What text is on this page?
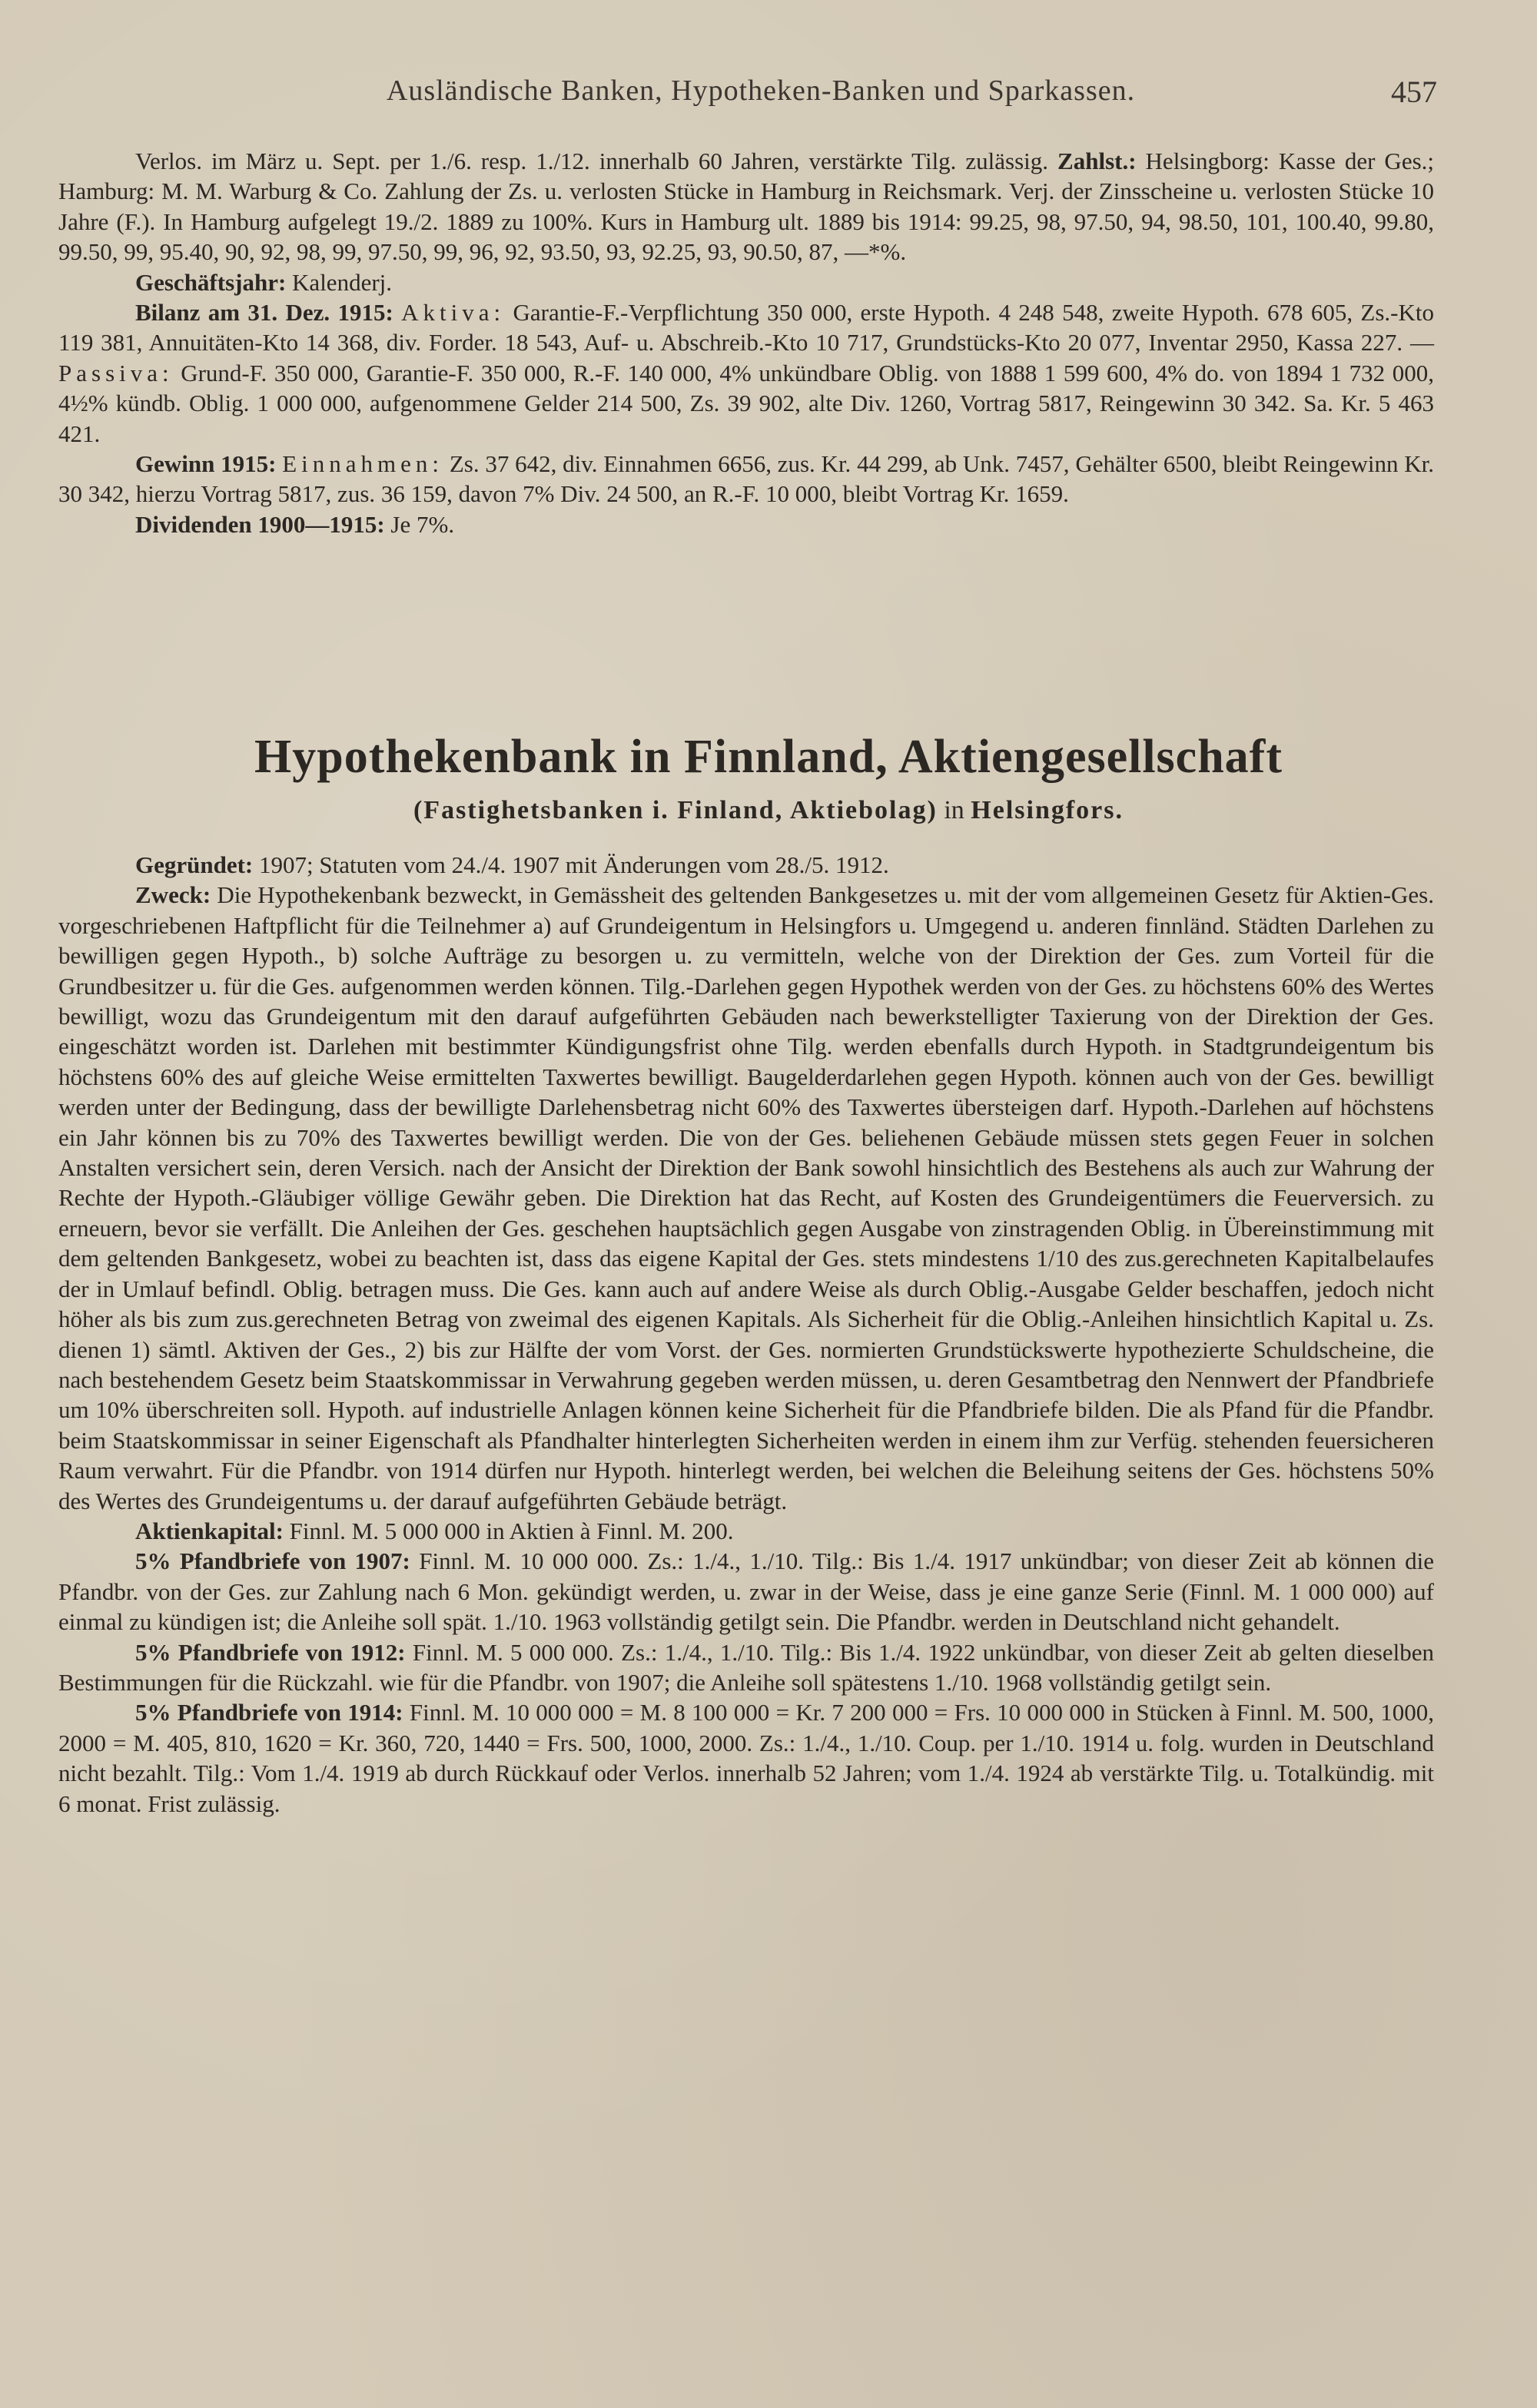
Ausländische Banken, Hypotheken-Banken und Sparkassen.	457

Verlos. im März u. Sept. per 1./6. resp. 1./12. innerhalb 60 Jahren, verstärkte Tilg. zulässig. Zahlst.: Helsingborg: Kasse der Ges.; Hamburg: M. M. Warburg & Co. Zahlung der Zs. u. verlosten Stücke in Hamburg in Reichsmark. Verj. der Zinsscheine u. verlosten Stücke 10 Jahre (F.). In Hamburg aufgelegt 19./2. 1889 zu 100%. Kurs in Hamburg ult. 1889 bis 1914: 99.25, 98, 97.50, 94, 98.50, 101, 100.40, 99.80, 99.50, 99, 95.40, 90, 92, 98, 99, 97.50, 99, 96, 92, 93.50, 93, 92.25, 93, 90.50, 87, —*%.

Geschäftsjahr: Kalenderj.

Bilanz am 31. Dez. 1915: Aktiva: Garantie-F.-Verpflichtung 350 000, erste Hypoth. 4 248 548, zweite Hypoth. 678 605, Zs.-Kto 119 381, Annuitäten-Kto 14 368, div. Forder. 18 543, Auf- u. Abschreib.-Kto 10 717, Grundstücks-Kto 20 077, Inventar 2950, Kassa 227. — Passiva: Grund-F. 350 000, Garantie-F. 350 000, R.-F. 140 000, 4% unkündbare Oblig. von 1888 1 599 600, 4% do. von 1894 1 732 000, 4½% kündb. Oblig. 1 000 000, aufgenommene Gelder 214 500, Zs. 39 902, alte Div. 1260, Vortrag 5817, Reingewinn 30 342. Sa. Kr. 5 463 421.

Gewinn 1915: Einnahmen: Zs. 37 642, div. Einnahmen 6656, zus. Kr. 44 299, ab Unk. 7457, Gehälter 6500, bleibt Reingewinn Kr. 30 342, hierzu Vortrag 5817, zus. 36 159, davon 7% Div. 24 500, an R.-F. 10 000, bleibt Vortrag Kr. 1659.

Dividenden 1900—1915: Je 7%.

Hypothekenbank in Finnland, Aktiengesellschaft

(Fastighetsbanken i. Finland, Aktiebolag) in Helsingfors.

Gegründet: 1907; Statuten vom 24./4. 1907 mit Änderungen vom 28./5. 1912.

Zweck: Die Hypothekenbank bezweckt, in Gemässheit des geltenden Bankgesetzes u. mit der vom allgemeinen Gesetz für Aktien-Ges. vorgeschriebenen Haftpflicht für die Teilnehmer a) auf Grundeigentum in Helsingfors u. Umgegend u. anderen finnländ. Städten Darlehen zu bewilligen gegen Hypoth., b) solche Aufträge zu besorgen u. zu vermitteln, welche von der Direktion der Ges. zum Vorteil für die Grundbesitzer u. für die Ges. aufgenommen werden können. Tilg.-Darlehen gegen Hypothek werden von der Ges. zu höchstens 60% des Wertes bewilligt, wozu das Grundeigentum mit den darauf aufgeführten Gebäuden nach bewerkstelligter Taxierung von der Direktion der Ges. eingeschätzt worden ist. Darlehen mit bestimmter Kündigungsfrist ohne Tilg. werden ebenfalls durch Hypoth. in Stadtgrundeigentum bis höchstens 60% des auf gleiche Weise ermittelten Taxwertes bewilligt. Baugelderdarlehen gegen Hypoth. können auch von der Ges. bewilligt werden unter der Bedingung, dass der bewilligte Darlehensbetrag nicht 60% des Taxwertes übersteigen darf. Hypoth.-Darlehen auf höchstens ein Jahr können bis zu 70% des Taxwertes bewilligt werden. Die von der Ges. beliehenen Gebäude müssen stets gegen Feuer in solchen Anstalten versichert sein, deren Versich. nach der Ansicht der Direktion der Bank sowohl hinsichtlich des Bestehens als auch zur Wahrung der Rechte der Hypoth.-Gläubiger völlige Gewähr geben. Die Direktion hat das Recht, auf Kosten des Grundeigentümers die Feuerversich. zu erneuern, bevor sie verfällt. Die Anleihen der Ges. geschehen hauptsächlich gegen Ausgabe von zinstragenden Oblig. in Übereinstimmung mit dem geltenden Bankgesetz, wobei zu beachten ist, dass das eigene Kapital der Ges. stets mindestens 1/10 des zus.gerechneten Kapitalbelaufes der in Umlauf befindl. Oblig. betragen muss. Die Ges. kann auch auf andere Weise als durch Oblig.-Ausgabe Gelder beschaffen, jedoch nicht höher als bis zum zus.gerechneten Betrag von zweimal des eigenen Kapitals. Als Sicherheit für die Oblig.-Anleihen hinsichtlich Kapital u. Zs. dienen 1) sämtl. Aktiven der Ges., 2) bis zur Hälfte der vom Vorst. der Ges. normierten Grundstückswerte hypothezierte Schuldscheine, die nach bestehendem Gesetz beim Staatskommissar in Verwahrung gegeben werden müssen, u. deren Gesamtbetrag den Nennwert der Pfandbriefe um 10% überschreiten soll. Hypoth. auf industrielle Anlagen können keine Sicherheit für die Pfandbriefe bilden. Die als Pfand für die Pfandbr. beim Staatskommissar in seiner Eigenschaft als Pfandhalter hinterlegten Sicherheiten werden in einem ihm zur Verfüg. stehenden feuersicheren Raum verwahrt. Für die Pfandbr. von 1914 dürfen nur Hypoth. hinterlegt werden, bei welchen die Beleihung seitens der Ges. höchstens 50% des Wertes des Grundeigentums u. der darauf aufgeführten Gebäude beträgt.

Aktienkapital: Finnl. M. 5 000 000 in Aktien à Finnl. M. 200.

5% Pfandbriefe von 1907: Finnl. M. 10 000 000. Zs.: 1./4., 1./10. Tilg.: Bis 1./4. 1917 unkündbar; von dieser Zeit ab können die Pfandbr. von der Ges. zur Zahlung nach 6 Mon. gekündigt werden, u. zwar in der Weise, dass je eine ganze Serie (Finnl. M. 1 000 000) auf einmal zu kündigen ist; die Anleihe soll spät. 1./10. 1963 vollständig getilgt sein. Die Pfandbr. werden in Deutschland nicht gehandelt.

5% Pfandbriefe von 1912: Finnl. M. 5 000 000. Zs.: 1./4., 1./10. Tilg.: Bis 1./4. 1922 unkündbar, von dieser Zeit ab gelten dieselben Bestimmungen für die Rückzahl. wie für die Pfandbr. von 1907; die Anleihe soll spätestens 1./10. 1968 vollständig getilgt sein.

5% Pfandbriefe von 1914: Finnl. M. 10 000 000 = M. 8 100 000 = Kr. 7 200 000 = Frs. 10 000 000 in Stücken à Finnl. M. 500, 1000, 2000 = M. 405, 810, 1620 = Kr. 360, 720, 1440 = Frs. 500, 1000, 2000. Zs.: 1./4., 1./10. Coup. per 1./10. 1914 u. folg. wurden in Deutschland nicht bezahlt. Tilg.: Vom 1./4. 1919 ab durch Rückkauf oder Verlos. innerhalb 52 Jahren; vom 1./4. 1924 ab verstärkte Tilg. u. Totalkündig. mit 6 monat. Frist zulässig.
